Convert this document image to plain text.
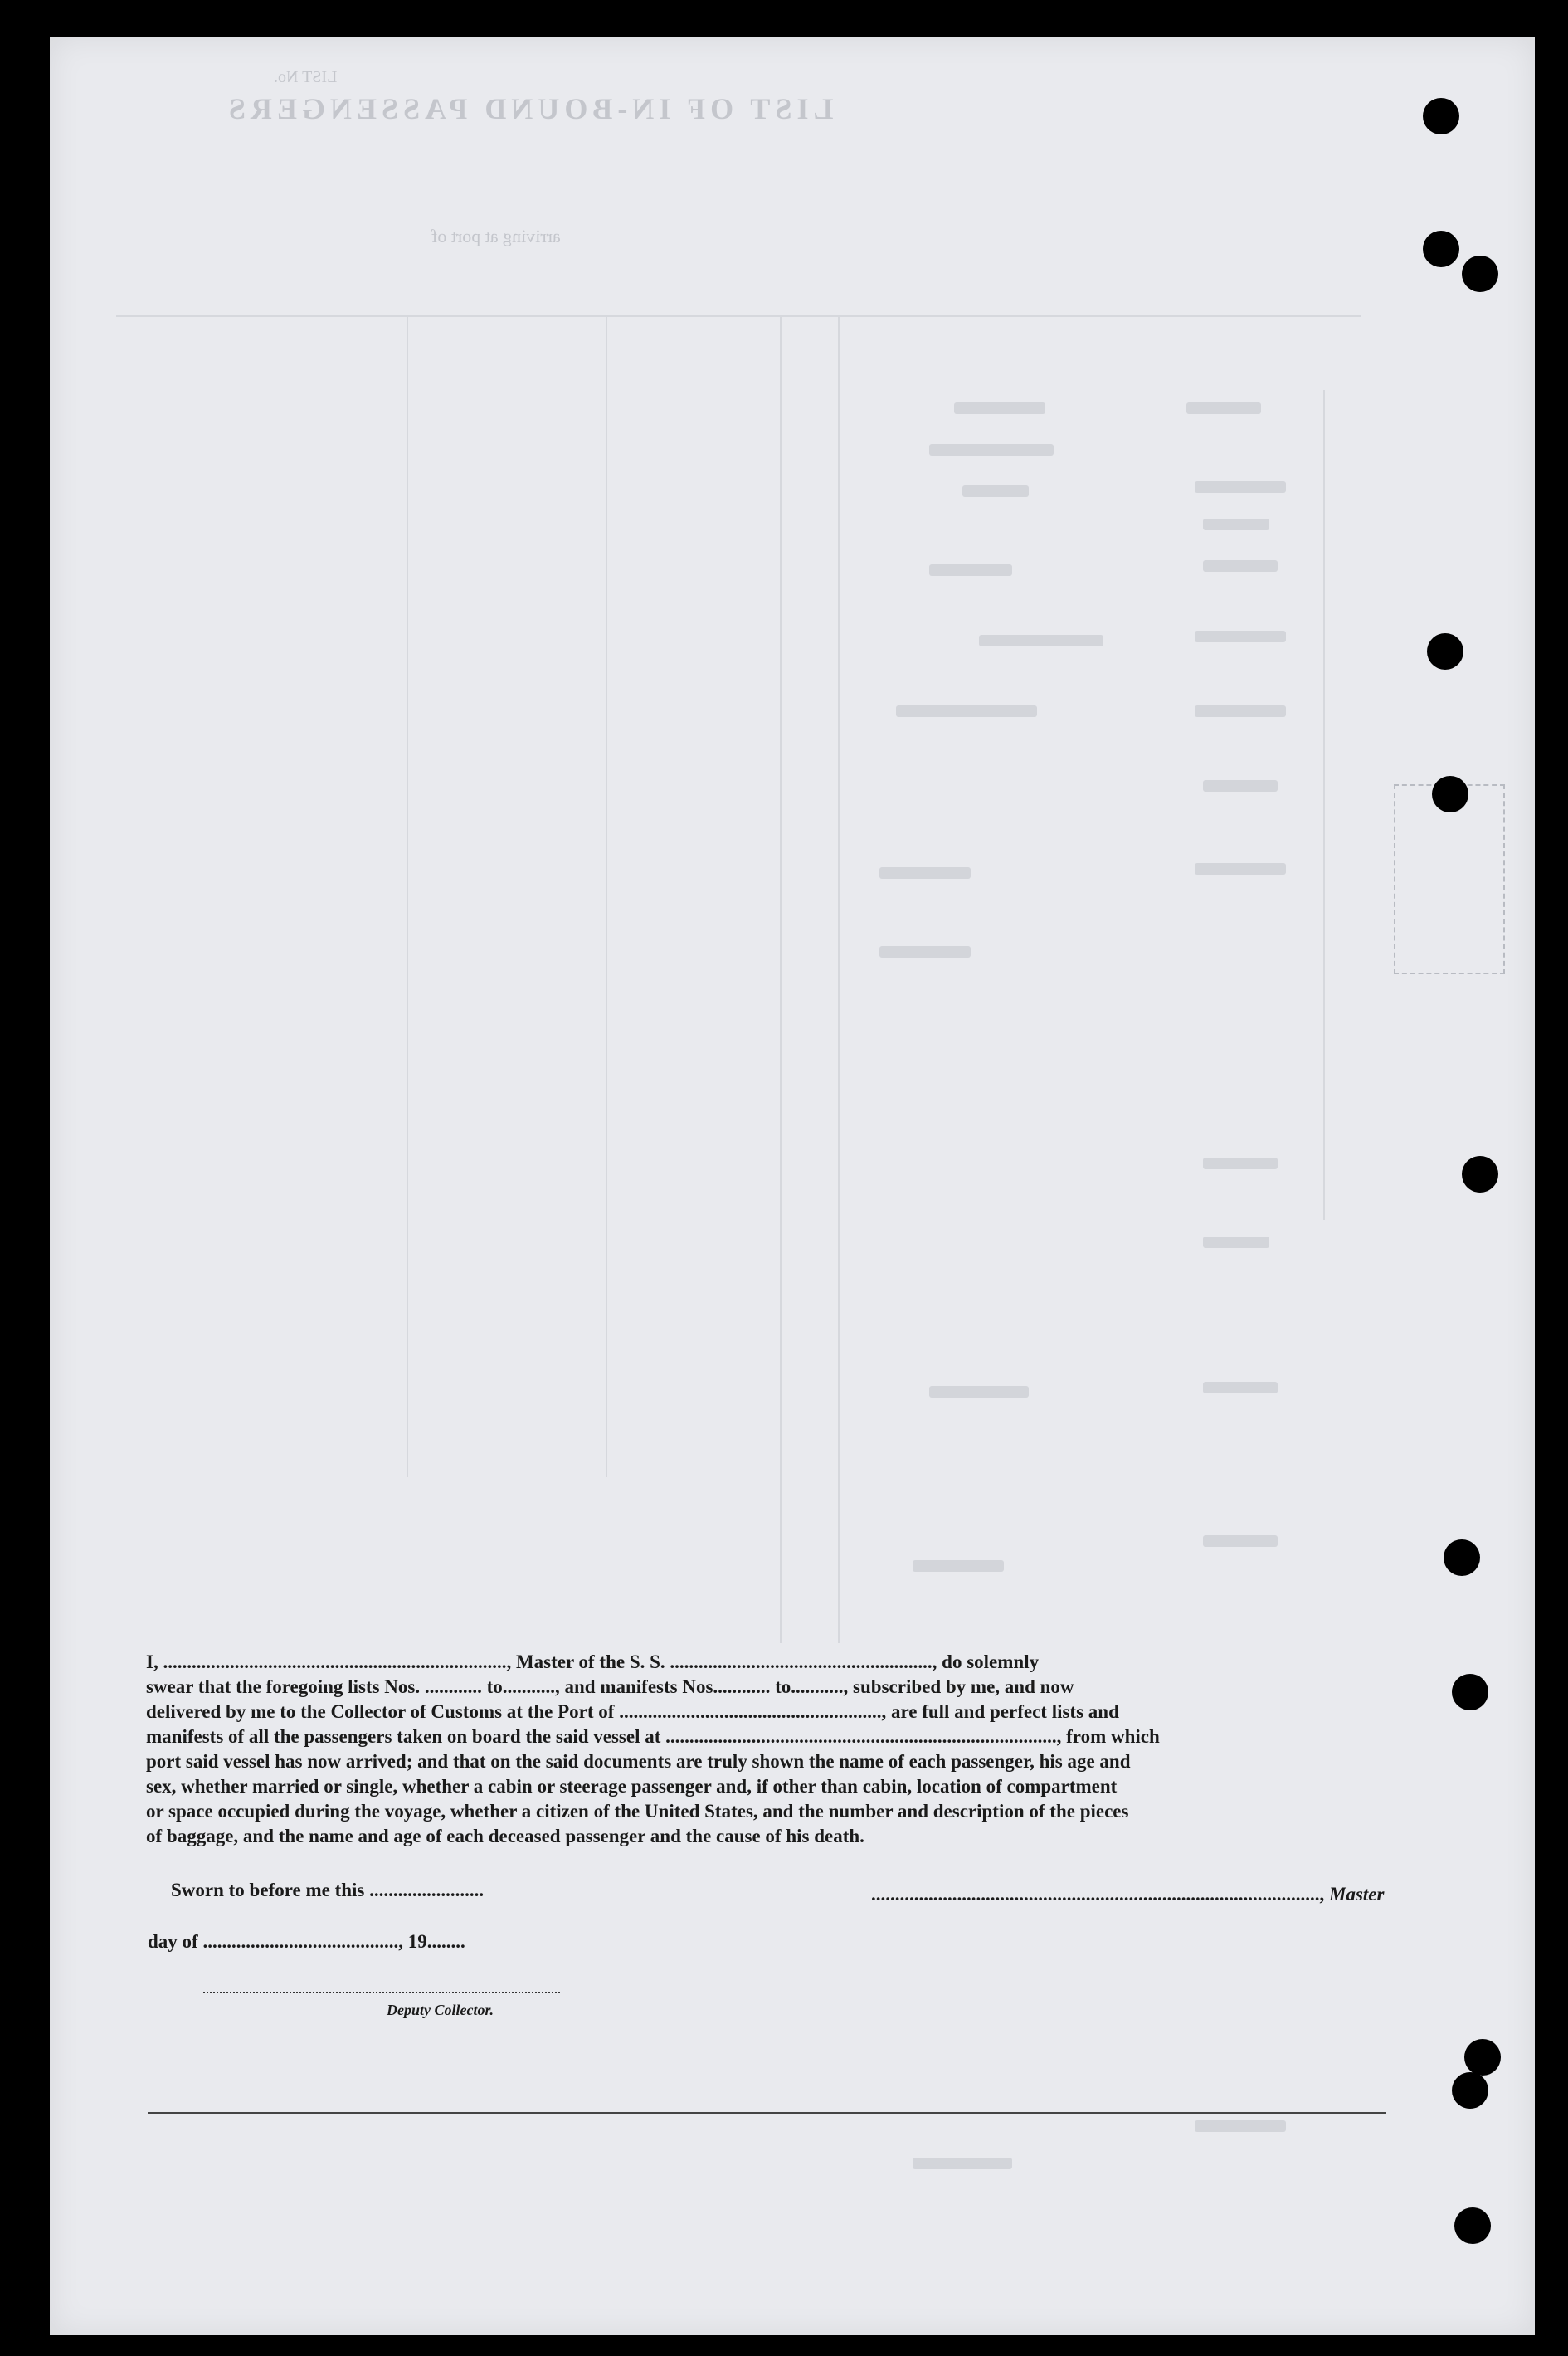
LIST No.
LIST OF IN-BOUND PASSENGERS
arriving at port of

I, ........................................................................, Master of the S. S. ......................................................., do solemnly

swear that the foregoing lists Nos. ............ to..........., and manifests Nos............ to..........., subscribed by me, and now

delivered by me to the Collector of Customs at the Port of ......................................................., are full and perfect lists and

manifests of all the passengers taken on board the said vessel at .................................................................................., from which

port said vessel has now arrived; and that on the said documents are truly shown the name of each passenger, his age and

sex, whether married or single, whether a cabin or steerage passenger and, if other than cabin, location of compartment

or space occupied during the voyage, whether a citizen of the United States, and the number and description of the pieces

of baggage, and the name and age of each deceased passenger and the cause of his death.

Sworn to before me this ........................	.............................................................................................., Master
day of ........................................., 19........
Deputy Collector.
